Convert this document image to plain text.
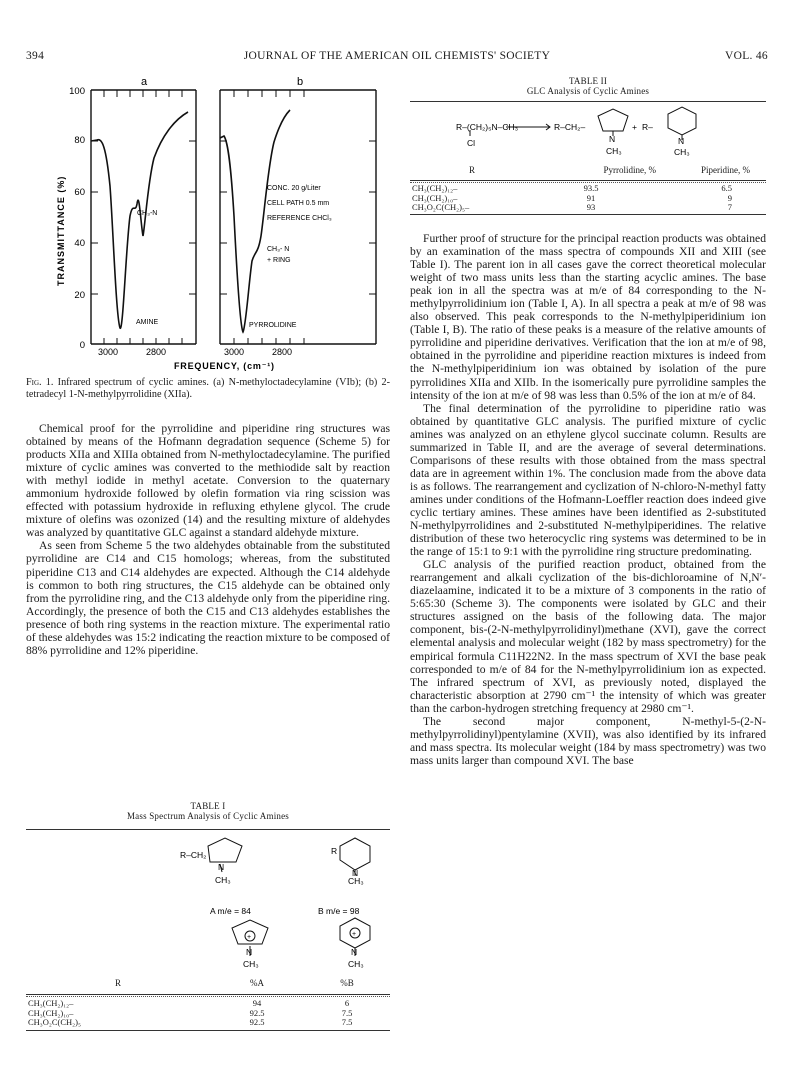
394	JOURNAL OF THE AMERICAN OIL CHEMISTS' SOCIETY	VOL. 46
a	b
TRANSMITTANCE (%)
100
80
60
40
20
0
CH₃-N
AMINE
CONC. 20 g/Liter
CELL PATH 0.5 mm
REFERENCE CHCl₃
CH₃- N
+ RING
PYRROLIDINE
3000	2800	3000	2800
FREQUENCY, (cm⁻¹)
Fig. 1. Infrared spectrum of cyclic amines. (a) N-methyloctadecylamine (VIb); (b) 2-tetradecyl 1-N-methylpyrrolidine (XIIa).

Chemical proof for the pyrrolidine and piperidine ring structures was obtained by means of the Hofmann degradation sequence (Scheme 5) for products XIIa and XIIIa obtained from N-methyloctadecylamine. The purified mixture of cyclic amines was converted to the methiodide salt by reaction with methyl iodide in methyl acetate. Conversion to the quaternary ammonium hydroxide followed by olefin formation via ring scission was effected with potassium hydroxide in refluxing ethylene glycol. The crude mixture of olefins was ozonized (14) and the resulting mixture of aldehydes was analyzed by quantitative GLC against a standard aldehyde mixture.

As seen from Scheme 5 the two aldehydes obtainable from the substituted pyrrolidine are C14 and C15 homologs; whereas, from the substituted piperidine C13 and C14 aldehydes are expected. Although the C14 aldehyde is common to both ring structures, the C15 aldehyde can be obtained only from the pyrrolidine ring, and the C13 aldehyde only from the piperidine ring. Accordingly, the presence of both the C15 and C13 aldehydes establishes the presence of both ring systems in the reaction mixture. The experimental ratio of these aldehydes was 15:2 indicating the reaction mixture to be composed of 88% pyrrolidine and 12% piperidine.

TABLE I
Mass Spectrum Analysis of Cyclic Amines
R–CH₂	R
N
N
CH₃	CH₃
A m/e = 84	B m/e = 98
+	+
N	N
CH₃	CH₃
R	%A	%B
CH₃(CH₂)₁₂–	94	6
CH₃(CH₂)₁₀–	92.5	7.5
CH₃O₂C(CH₂)₅	92.5	7.5
TABLE II
GLC Analysis of Cyclic Amines
R–(CH₂)₅N–CH₃
Cl
R–CH₂–	+ R–
N	N
CH₃	CH₃
R	Pyrrolidine, %	Piperidine, %
CH₃(CH₂)₁₂–	93.5	6.5
CH₃(CH₂)₁₀–	91	9
CH₃O₂C(CH₂)₅–	93	7

Further proof of structure for the principal reaction products was obtained by an examination of the mass spectra of compounds XII and XIII (see Table I). The parent ion in all cases gave the correct theoretical molecular weight of two mass units less than the starting acyclic amines. The base peak ion in all the spectra was at m/e of 84 corresponding to the N-methylpyrrolidinium ion (Table I, A). In all spectra a peak at m/e of 98 was also observed. This peak corresponds to the N-methylpiperidinium ion (Table I, B). The ratio of these peaks is a measure of the relative amounts of pyrrolidine and piperidine derivatives. Verification that the ion at m/e of 98, obtained in the pyrrolidine and piperidine reaction mixtures is indeed from the N-methylpiperidinium ion was obtained by isolation of the pure pyrrolidines XIIa and XIIb. In the isomerically pure pyrrolidine samples the intensity of the ion at m/e of 98 was less than 0.5% of the ion at m/e of 84.

The final determination of the pyrrolidine to piperidine ratio was obtained by quantitative GLC analysis. The purified mixture of cyclic amines was analyzed on an ethylene glycol succinate column. Results are summarized in Table II, and are the average of several determinations. Comparisons of these results with those obtained from the mass spectral data are in agreement within 1%. The conclusion made from the above data is as follows. The rearrangement and cyclization of N-chloro-N-methyl fatty amines under conditions of the Hofmann-Loeffler reaction does indeed give cyclic tertiary amines. These amines have been identified as 2-substituted N-methylpyrrolidines and 2-substituted N-methylpiperidines. The relative distribution of these two heterocyclic ring systems was determined to be in the range of 15:1 to 9:1 with the pyrrolidine ring structure predominating.

GLC analysis of the purified reaction product, obtained from the rearrangement and alkali cyclization of the bis-dichloroamine of N,N′-diazelaamine, indicated it to be a mixture of 3 components in the ratio of 5:65:30 (Scheme 3). The components were isolated by GLC and their structures assigned on the basis of the following data. The major component, bis-(2-N-methylpyrrolidinyl)methane (XVI), gave the correct elemental analysis and molecular weight (182 by mass spectrometry) for the empirical formula C11H22N2. In the mass spectrum of XVI the base peak corresponded to m/e of 84 for the N-methylpyrrolidinium ion as expected. The infrared spectrum of XVI, as previously noted, displayed the characteristic absorption at 2790 cm⁻¹ the intensity of which was greater than the carbon-hydrogen stretching frequency at 2980 cm⁻¹.

The second major component, N-methyl-5-(2-N-methylpyrrolidinyl)pentylamine (XVII), was also identified by its infrared and mass spectra. Its molecular weight (184 by mass spectrometry) was two mass units larger than compound XVI. The base
